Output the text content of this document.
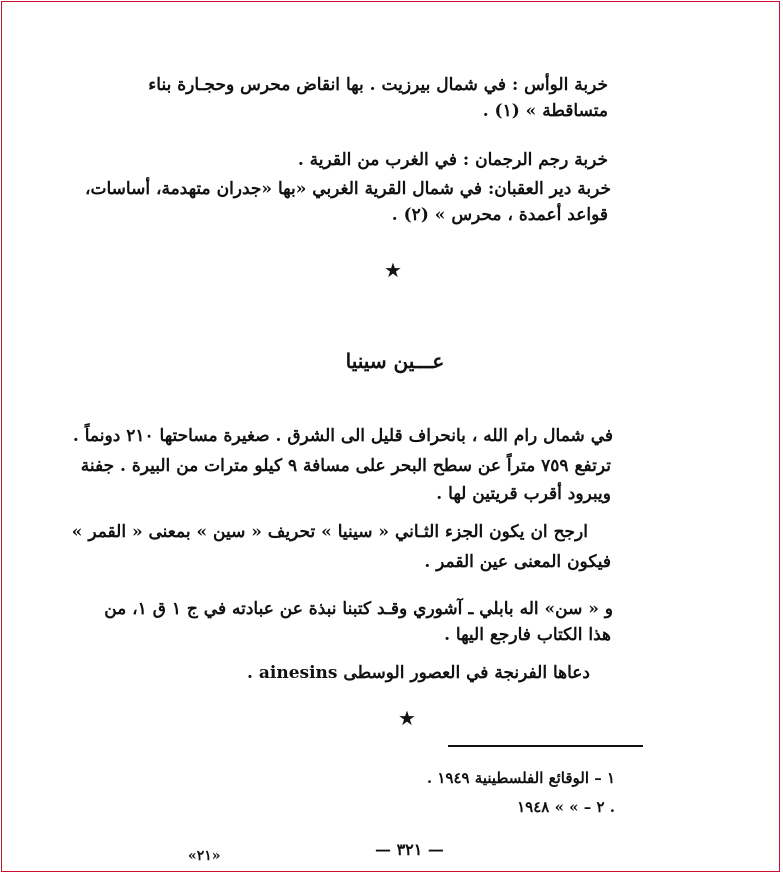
خربة الوأس : في شمال بيرزيت . بها انقاض محرس وحجـارة بناء
متساقطة » (١) .
خربة رجم الرجمان : في الغرب من القرية .
خربة دير العقبان: في شمال القرية الغربي «بها «جدران متهدمة، أساسات،
قواعد أعمدة ، محرس » (٢) .
★
عـــين سينيا
في شمال رام الله ، بانحراف قليل الى الشرق . صغيرة مساحتها ٢١٠ دونماً .
ترتفع ٧٥٩ متراً عن سطح البحر على مسافة ٩ كيلو مترات من البيرة . جفنة
ويبرود أقرب قريتين لها .
ارجح ان يكون الجزء الثـاني « سينيا » تحريف « سين » بمعنى « القمر »
فيكون المعنى عين القمر .
و « سن» اله بابلي ـ آشوري وقـد كتبنا نبذة عن عبادته في ج ١ ق ١، من
هذا الكتاب فارجع اليها .
دعاها الفرنجة في العصور الوسطى ainesins .
★
١ – الوقائع الفلسطينية ١٩٤٩ .
٢ – » » ١٩٤٨ .
— ٣٢١ —
«٢١»
